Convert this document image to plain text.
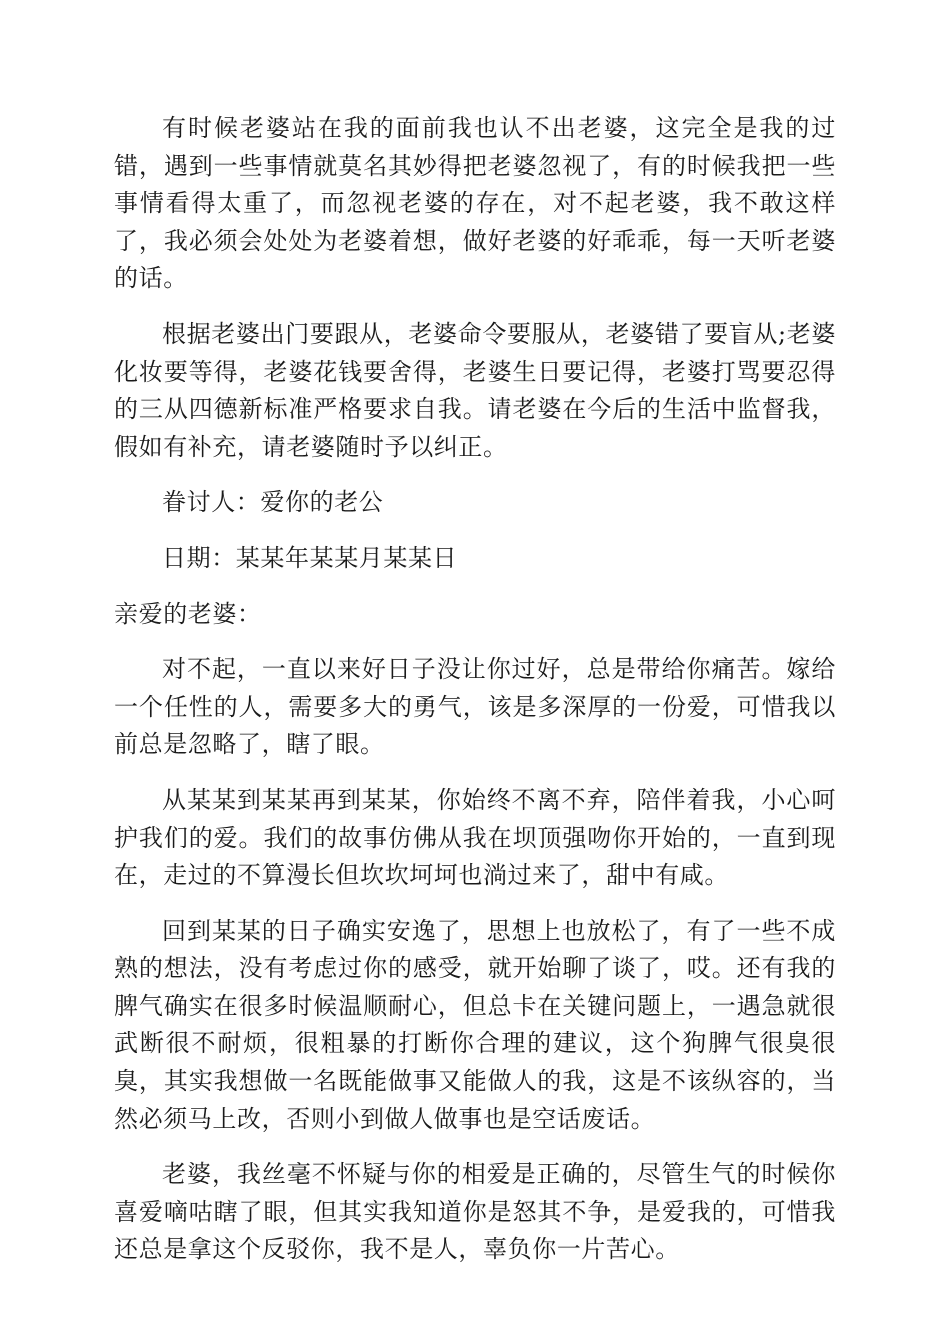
有时候老婆站在我的面前我也认不出老婆，这完全是我的过错，遇到一些事情就莫名其妙得把老婆忽视了，有的时候我把一些事情看得太重了，而忽视老婆的存在，对不起老婆，我不敢这样了，我必须会处处为老婆着想，做好老婆的好乖乖，每一天听老婆的话。

根据老婆出门要跟从，老婆命令要服从，老婆错了要盲从;老婆化妆要等得，老婆花钱要舍得，老婆生日要记得，老婆打骂要忍得的三从四德新标准严格要求自我。请老婆在今后的生活中监督我，假如有补充，请老婆随时予以纠正。

眷讨人：爱你的老公

日期：某某年某某月某某日

亲爱的老婆：

对不起，一直以来好日子没让你过好，总是带给你痛苦。嫁给一个任性的人，需要多大的勇气，该是多深厚的一份爱，可惜我以前总是忽略了，瞎了眼。

从某某到某某再到某某，你始终不离不弃，陪伴着我，小心呵护我们的爱。我们的故事仿佛从我在坝顶强吻你开始的，一直到现在，走过的不算漫长但坎坎坷坷也淌过来了，甜中有咸。

回到某某的日子确实安逸了，思想上也放松了，有了一些不成熟的想法，没有考虑过你的感受，就开始聊了谈了，哎。还有我的脾气确实在很多时候温顺耐心，但总卡在关键问题上，一遇急就很武断很不耐烦，很粗暴的打断你合理的建议，这个狗脾气很臭很臭，其实我想做一名既能做事又能做人的我，这是不该纵容的，当然必须马上改，否则小到做人做事也是空话废话。

老婆，我丝毫不怀疑与你的相爱是正确的，尽管生气的时候你喜爱嘀咕瞎了眼，但其实我知道你是怒其不争，是爱我的，可惜我还总是拿这个反驳你，我不是人，辜负你一片苦心。
